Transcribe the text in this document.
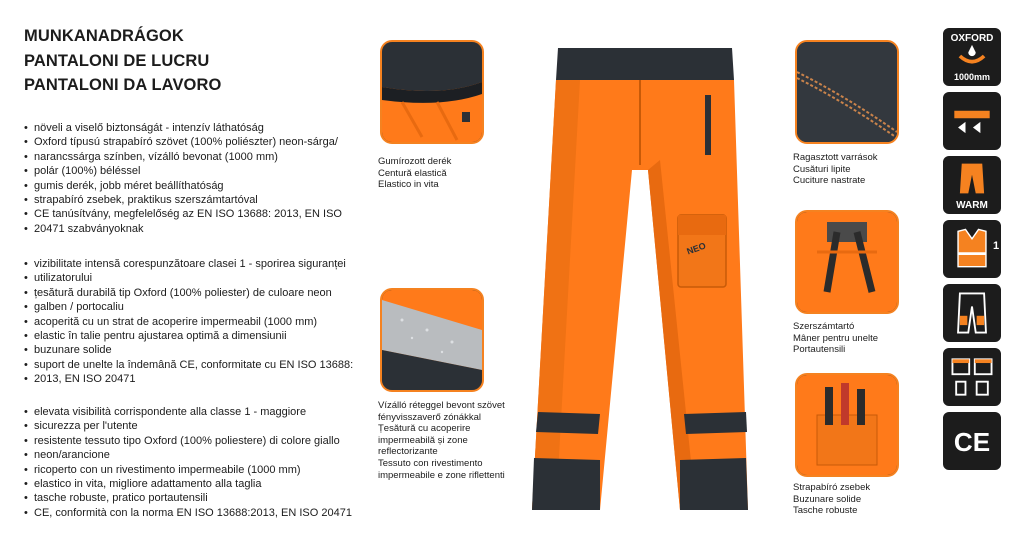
MUNKANADRÁGOK
PANTALONI DE LUCRU
PANTALONI DA LAVORO
• növeli a viselő biztonságát - intenzív láthatóság
• Oxford típusú strapabíró szövet (100% poliészter) neon-sárga/
• narancssárga színben, vízálló bevonat (1000 mm)
• polár (100%) béléssel
• gumis derék, jobb méret beállíthatóság
• strapabíró zsebek, praktikus szerszámtartóval
• CE tanúsítvány, megfelelőség az EN ISO 13688: 2013, EN ISO
• 20471 szabványoknak
• vizibilitate intensă corespunzătoare clasei 1 - sporirea siguranței
• utilizatorului
• țesătură durabilă tip Oxford (100% poliester) de culoare neon
• galben / portocaliu
• acoperită cu un strat de acoperire impermeabil (1000 mm)
• elastic în talie pentru ajustarea optimă a dimensiunii
• buzunare solide
• suport de unelte la îndemână CE, conformitate cu EN ISO 13688:
• 2013, EN ISO 20471
• elevata visibilità corrispondente alla classe 1 - maggiore
• sicurezza per l'utente
• resistente tessuto tipo Oxford (100% poliestere) di colore giallo
• neon/arancione
• ricoperto con un rivestimento impermeabile (1000 mm)
• elastico in vita, migliore adattamento alla taglia
• tasche robuste, pratico portautensili
• CE, conformità con la norma EN ISO 13688:2013, EN ISO 20471
Gumírozott derék
Centură elastică
Elastico in vita
Vízálló réteggel bevont szövet
fényvisszaverő zónákkal
Țesătură cu acoperire
impermeabilă și zone
reflectorizante
Tessuto con rivestimento
impermeabile e zone riflettenti
NEO
Ragasztott varrások
Cusături lipite
Cuciture nastrate
Szerszámtartó
Mâner pentru unelte
Portautensili
Strapabíró zsebek
Buzunare solide
Tasche robuste
OXFORD
1000mm
WARM
1
CE
